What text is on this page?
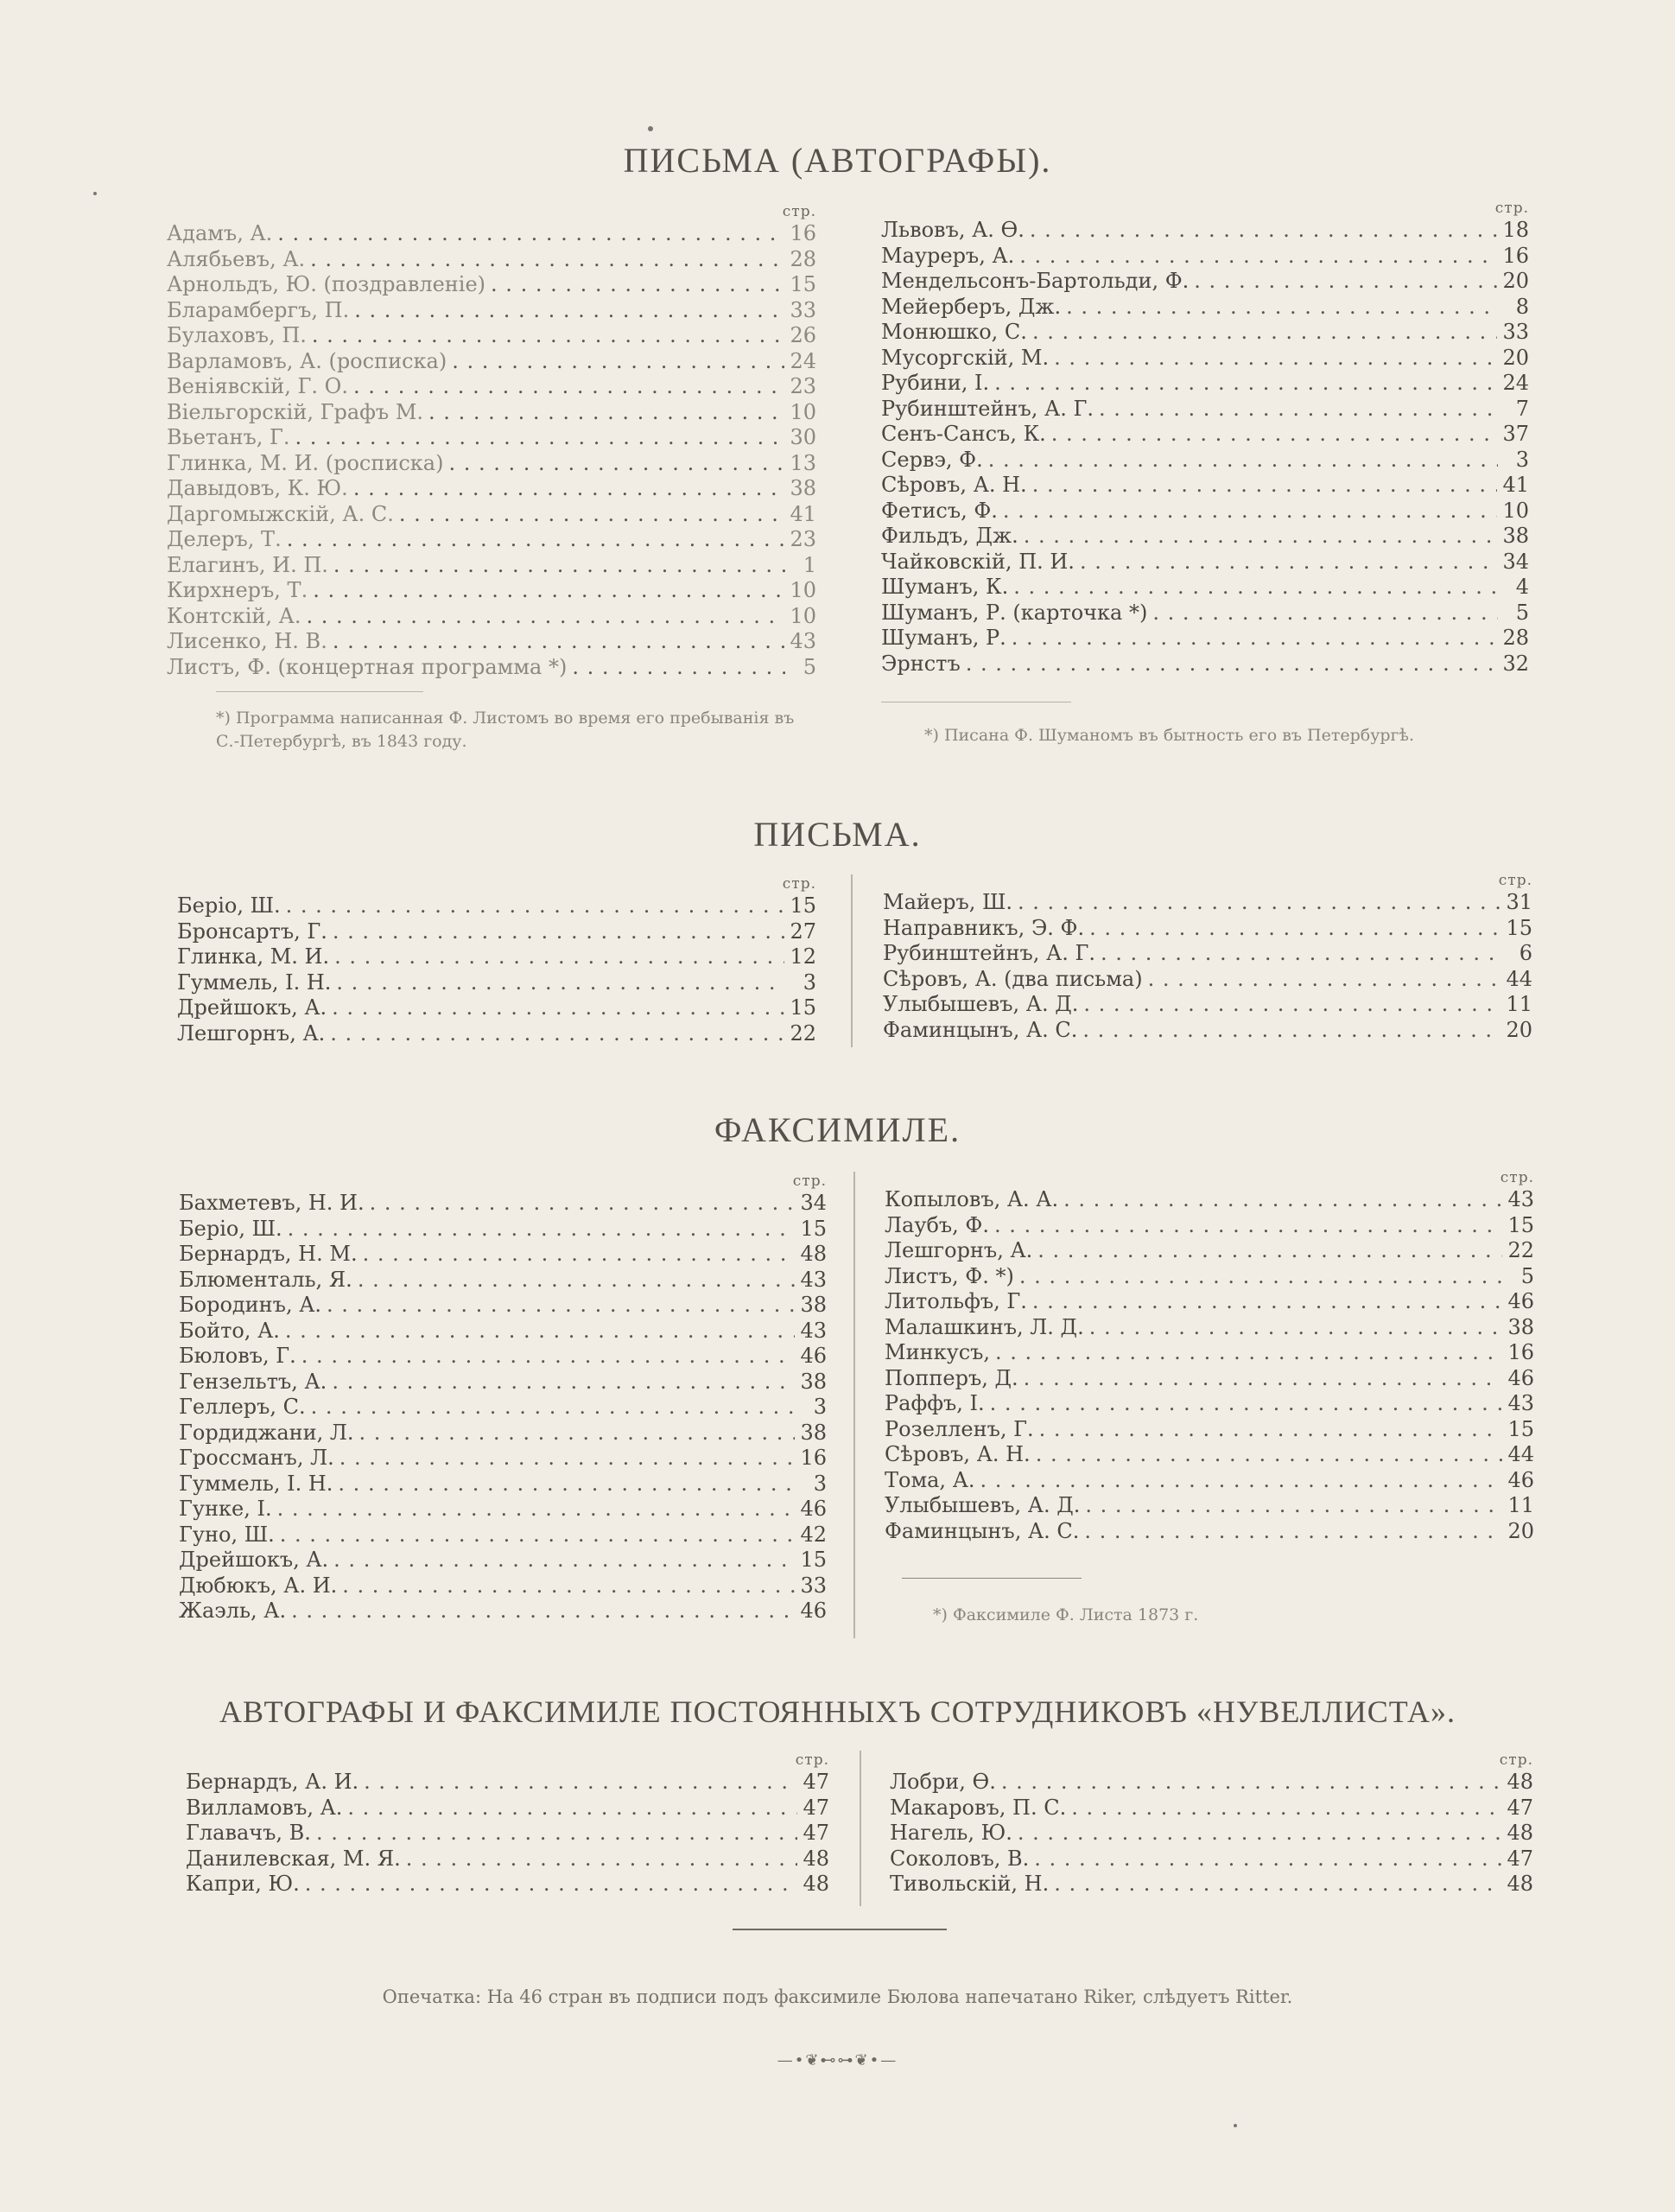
ПИСЬМА (АВТОГРАФЫ).
стр.
Адамъ, А. . . .	16
Алябьевъ, А. . . .	28
Арнольдъ, Ю. (поздравленіе) . . .	15
Бларамбергъ, П. . . .	33
Булаховъ, П. . . .	26
Варламовъ, А. (росписка) . . .	24
Веніявскій, Г. О. . . .	23
Віельгорскій, Графъ М. . . .	10
Вьетанъ, Г. . . .	30
Глинка, М. И. (росписка) . . .	13
Давыдовъ, К. Ю. . . .	38
Даргомыжскій, А. С. . . .	41
Делеръ, Т. . . .	23
Елагинъ, И. П. . . .	1
Кирхнеръ, Т. . . .	10
Контскій, А. . . .	10
Лисенко, Н. В. . . .	43
Листъ, Ф. (концертная программа *) . . .	5
стр.
Львовъ, А. Ѳ. . . .	18
Мауреръ, А. . . .	16
Мендельсонъ-Бартольди, Ф. . . .	20
Мейерберъ, Дж. . . .	8
Монюшко, С. . . .	33
Мусоргскій, М. . . .	20
Рубини, І. . . .	24
Рубинштейнъ, А. Г. . . .	7
Сенъ-Сансъ, К. . . .	37
Сервэ, Ф. . . .	3
Сѣровъ, А. Н. . . .	41
Фетисъ, Ф. . . .	10
Фильдъ, Дж. . . .	38
Чайковскій, П. И. . . .	34
Шуманъ, К. . . .	4
Шуманъ, Р. (карточка *) . . .	5
Шуманъ, Р. . . .	28
Эрнстъ . . .	32
*) Программа написанная Ф. Листомъ во время его пребыванія въ С.-Петербургѣ, въ 1843 году.	*) Писана Ф. Шуманомъ въ бытность его въ Петербургѣ.
ПИСЬМА.
стр.
Беріо, Ш. . . .	15
Бронсартъ, Г. . . .	27
Глинка, М. И. . . .	12
Гуммель, І. Н. . . .	3
Дрейшокъ, А. . . .	15
Лешгорнъ, А. . . .	22
стр.
Майеръ, Ш. . . .	31
Направникъ, Э. Ф. . . .	15
Рубинштейнъ, А. Г. . . .	6
Сѣровъ, А. (два письма) . . .	44
Улыбышевъ, А. Д. . . .	11
Фаминцынъ, А. С. . . .	20
ФАКСИМИЛЕ.
стр.
Бахметевъ, Н. И. . . .	34
Беріо, Ш. . . .	15
Бернардъ, Н. М. . . .	48
Блюменталь, Я. . . .	43
Бородинъ, А. . . .	38
Бойто, А. . . .	43
Бюловъ, Г. . . .	46
Гензельтъ, А. . . .	38
Геллеръ, С. . . .	3
Гордиджани, Л. . . .	38
Гроссманъ, Л. . . .	16
Гуммель, І. Н. . . .	3
Гунке, І. . . .	46
Гуно, Ш. . . .	42
Дрейшокъ, А. . . .	15
Дюбюкъ, А. И. . . .	33
Жаэль, А. . . .	46
стр.
Копыловъ, А. А. . . .	43
Лаубъ, Ф. . . .	15
Лешгорнъ, А. . . .	22
Листъ, Ф. *) . . .	5
Литольфъ, Г. . . .	46
Малашкинъ, Л. Д. . . .	38
Минкусъ, . . .	16
Попперъ, Д. . . .	46
Раффъ, І. . . .	43
Розелленъ, Г. . . .	15
Сѣровъ, А. Н. . . .	44
Тома, А. . . .	46
Улыбышевъ, А. Д. . . .	11
Фаминцынъ, А. С. . . .	20
*) Факсимиле Ф. Листа 1873 г.
АВТОГРАФЫ И ФАКСИМИЛЕ ПОСТОЯННЫХЪ СОТРУДНИКОВЪ «НУВЕЛЛИСТА».
стр.
Бернардъ, А. И. . . .	47
Вилламовъ, А. . . .	47
Главачъ, В. . . .	47
Данилевская, М. Я. . . .	48
Капри, Ю. . . .	48
стр.
Лобри, Ѳ. . . .	48
Макаровъ, П. С. . . .	47
Нагель, Ю. . . .	48
Соколовъ, В. . . .	47
Тивольскій, Н. . . .	48
Опечатка: На 46 стран въ подписи подъ факсимиле Бюлова напечатано Riker, слѣдуетъ Ritter.
—•❦⊷⊶❦•—
